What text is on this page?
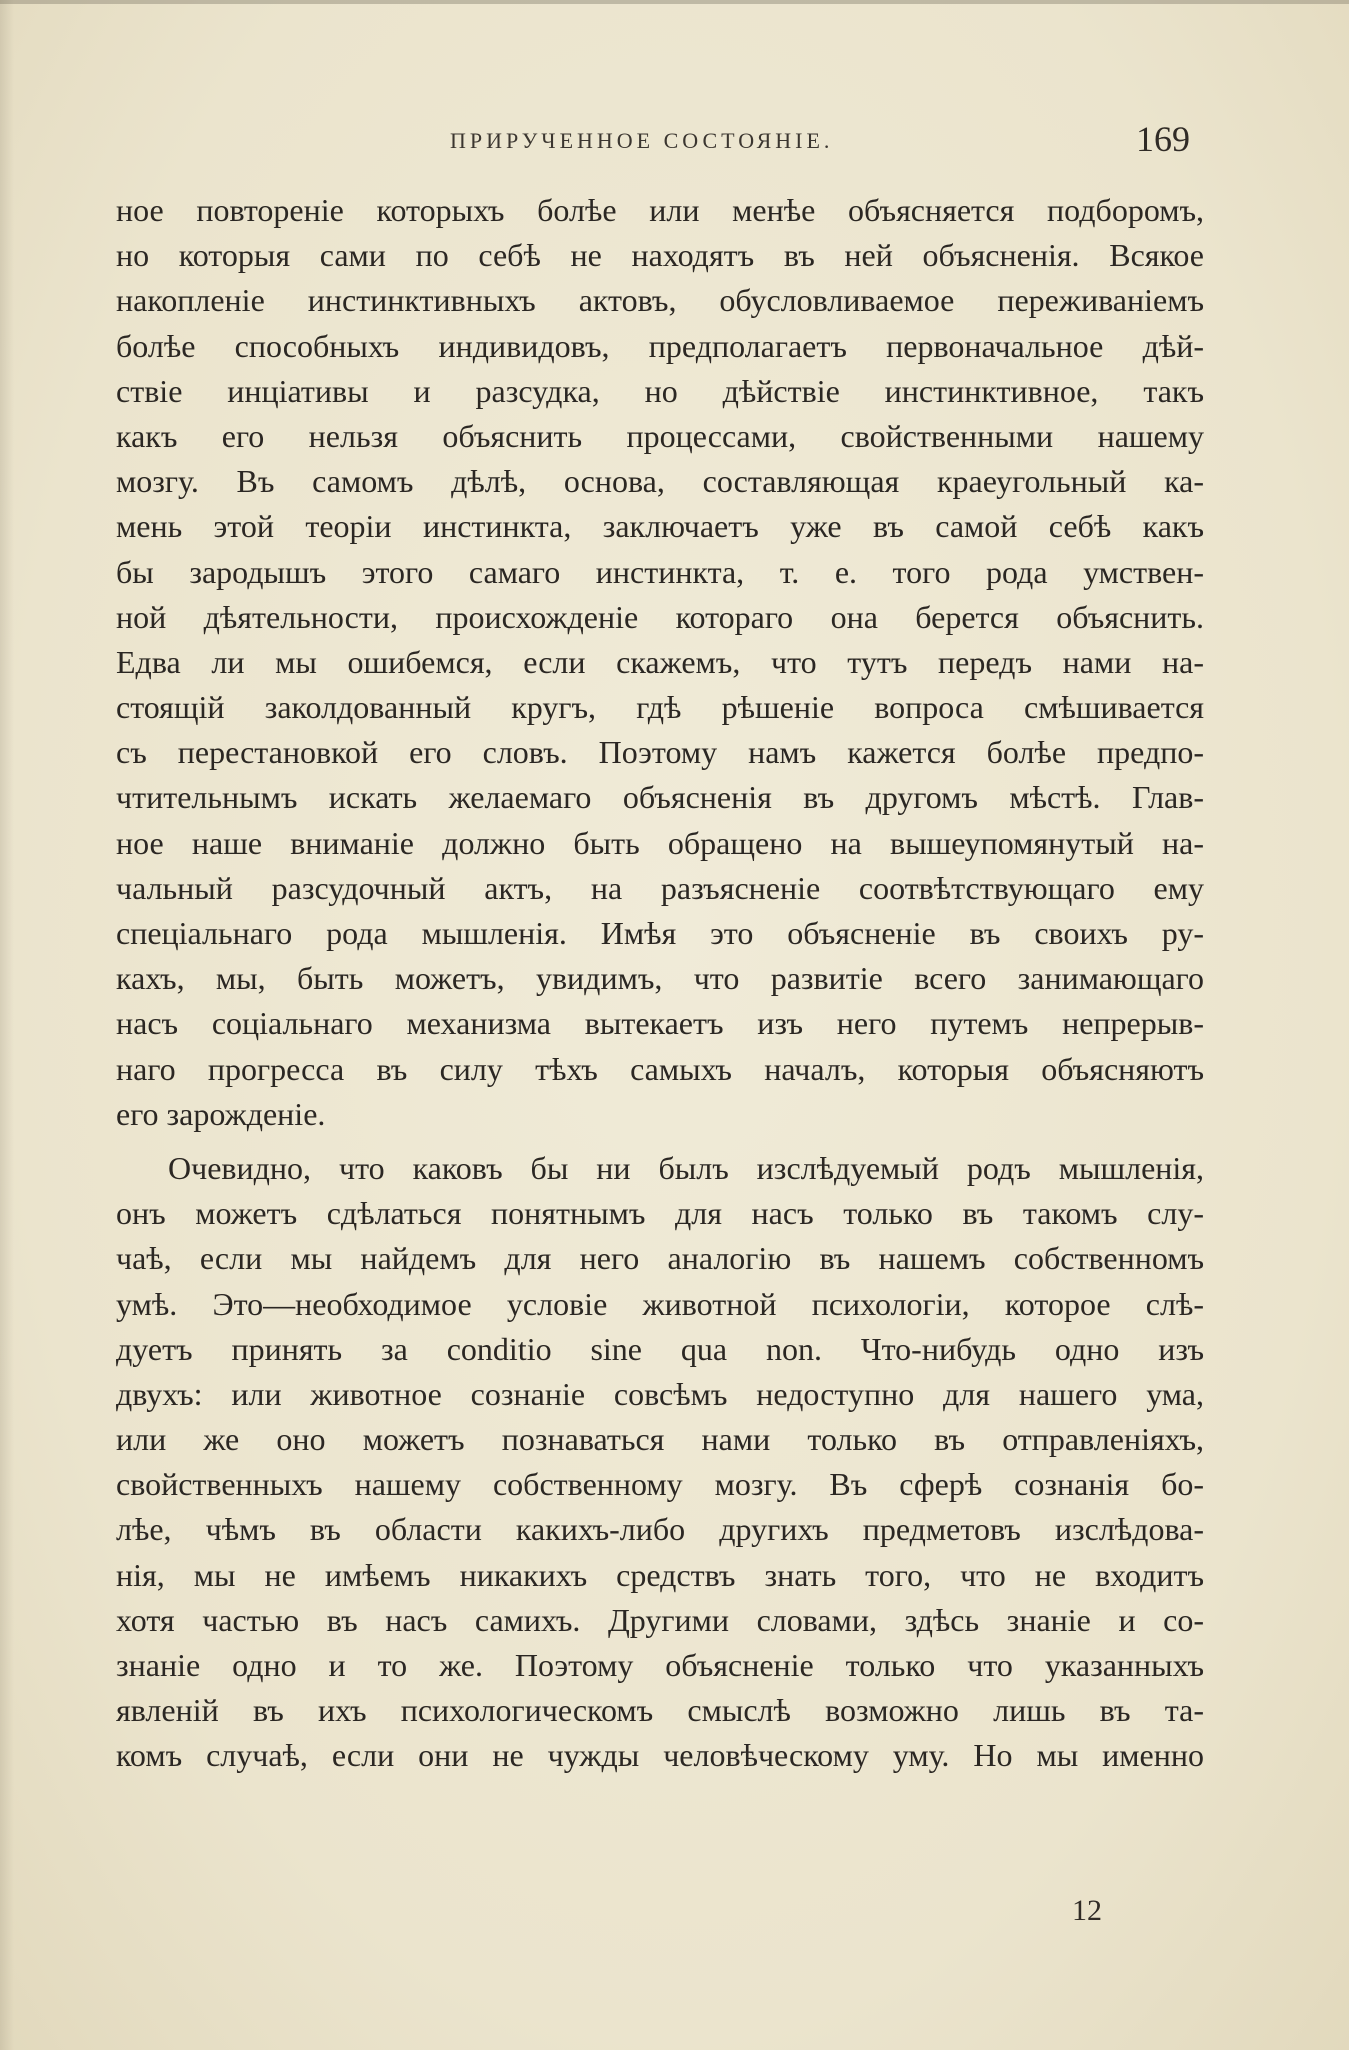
ПРИРУЧЕННОЕ СОСТОЯНІЕ.	169
ное повтореніе которыхъ болѣе или менѣе объясняется подборомъ,
но которыя сами по себѣ не находятъ въ ней объясненія. Всякое
накопленіе инстинктивныхъ актовъ, обусловливаемое переживаніемъ
болѣе способныхъ индивидовъ, предполагаетъ первоначальное дѣй-
ствіе инціативы и разсудка, но дѣйствіе инстинктивное, такъ
какъ его нельзя объяснить процессами, свойственными нашему
мозгу. Въ самомъ дѣлѣ, основа, составляющая краеугольный ка-
мень этой теоріи инстинкта, заключаетъ уже въ самой себѣ какъ
бы зародышъ этого самаго инстинкта, т. е. того рода умствен-
ной дѣятельности, происхожденіе котораго она берется объяснить.
Едва ли мы ошибемся, если скажемъ, что тутъ передъ нами на-
стоящій заколдованный кругъ, гдѣ рѣшеніе вопроса смѣшивается
съ перестановкой его словъ. Поэтому намъ кажется болѣе предпо-
чтительнымъ искать желаемаго объясненія въ другомъ мѣстѣ. Глав-
ное наше вниманіе должно быть обращено на вышеупомянутый на-
чальный разсудочный актъ, на разъясненіе соотвѣтствующаго ему
спеціальнаго рода мышленія. Имѣя это объясненіе въ своихъ ру-
кахъ, мы, быть можетъ, увидимъ, что развитіе всего занимающаго
насъ соціальнаго механизма вытекаетъ изъ него путемъ непрерыв-
наго прогресса въ силу тѣхъ самыхъ началъ, которыя объясняютъ
его зарожденіе.
Очевидно, что каковъ бы ни былъ изслѣдуемый родъ мышленія,
онъ можетъ сдѣлаться понятнымъ для насъ только въ такомъ слу-
чаѣ, если мы найдемъ для него аналогію въ нашемъ собственномъ
умѣ. Это—необходимое условіе животной психологіи, которое слѣ-
дуетъ принять за conditio sine qua non. Что-нибудь одно изъ
двухъ: или животное сознаніе совсѣмъ недоступно для нашего ума,
или же оно можетъ познаваться нами только въ отправленіяхъ,
свойственныхъ нашему собственному мозгу. Въ сферѣ сознанія бо-
лѣе, чѣмъ въ области какихъ-либо другихъ предметовъ изслѣдова-
нія, мы не имѣемъ никакихъ средствъ знать того, что не входитъ
хотя частью въ насъ самихъ. Другими словами, здѣсь знаніе и со-
знаніе одно и то же. Поэтому объясненіе только что указанныхъ
явленій въ ихъ психологическомъ смыслѣ возможно лишь въ та-
комъ случаѣ, если они не чужды человѣческому уму. Но мы именно
12
